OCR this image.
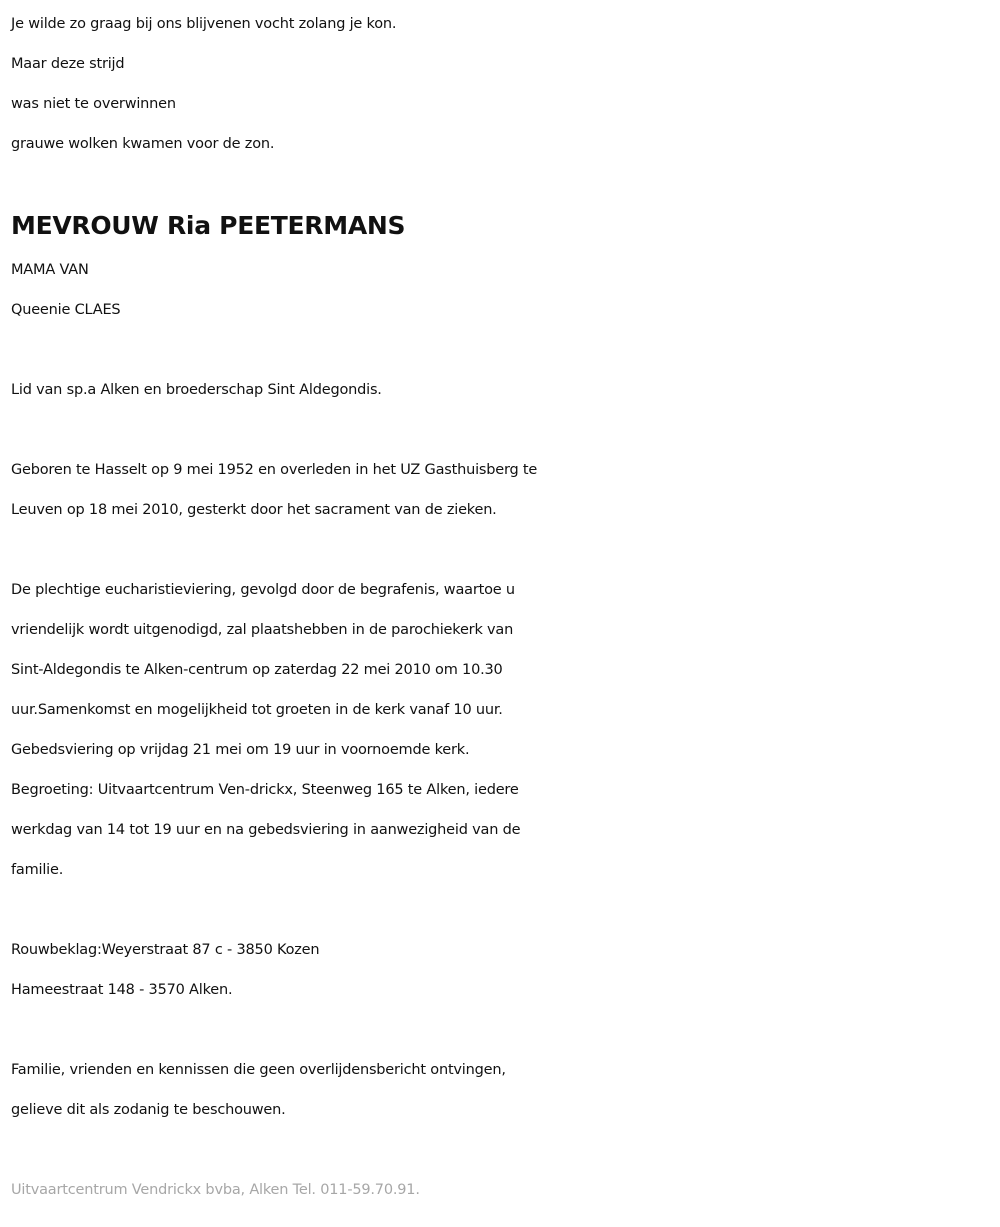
Je wilde zo graag bij ons blijvenen vocht zolang je kon.
Maar deze strijd
was niet te overwinnen
grauwe wolken kwamen voor de zon.
MEVROUW Ria PEETERMANS
MAMA VAN
Queenie CLAES
Lid van sp.a Alken en broederschap Sint Aldegondis.
Geboren te Hasselt op 9 mei 1952 en overleden in het UZ Gasthuisberg te
Leuven op 18 mei 2010, gesterkt door het sacrament van de zieken.
De plechtige eucharistieviering, gevolgd door de begrafenis, waartoe u
vriendelijk wordt uitgenodigd, zal plaatshebben in de parochiekerk van
Sint-Aldegondis te Alken-centrum op zaterdag 22 mei 2010 om 10.30
uur.Samenkomst en mogelijkheid tot groeten in de kerk vanaf 10 uur.
Gebedsviering op vrijdag 21 mei om 19 uur in voornoemde kerk.
Begroeting: Uitvaartcentrum Ven-drickx, Steenweg 165 te Alken, iedere
werkdag van 14 tot 19 uur en na gebedsviering in aanwezigheid van de
familie.
Rouwbeklag:Weyerstraat 87 c - 3850 Kozen
Hameestraat 148 - 3570 Alken.
Familie, vrienden en kennissen die geen overlijdensbericht ontvingen,
gelieve dit als zodanig te beschouwen.
Uitvaartcentrum Vendrickx bvba, Alken Tel. 011-59.70.91.
